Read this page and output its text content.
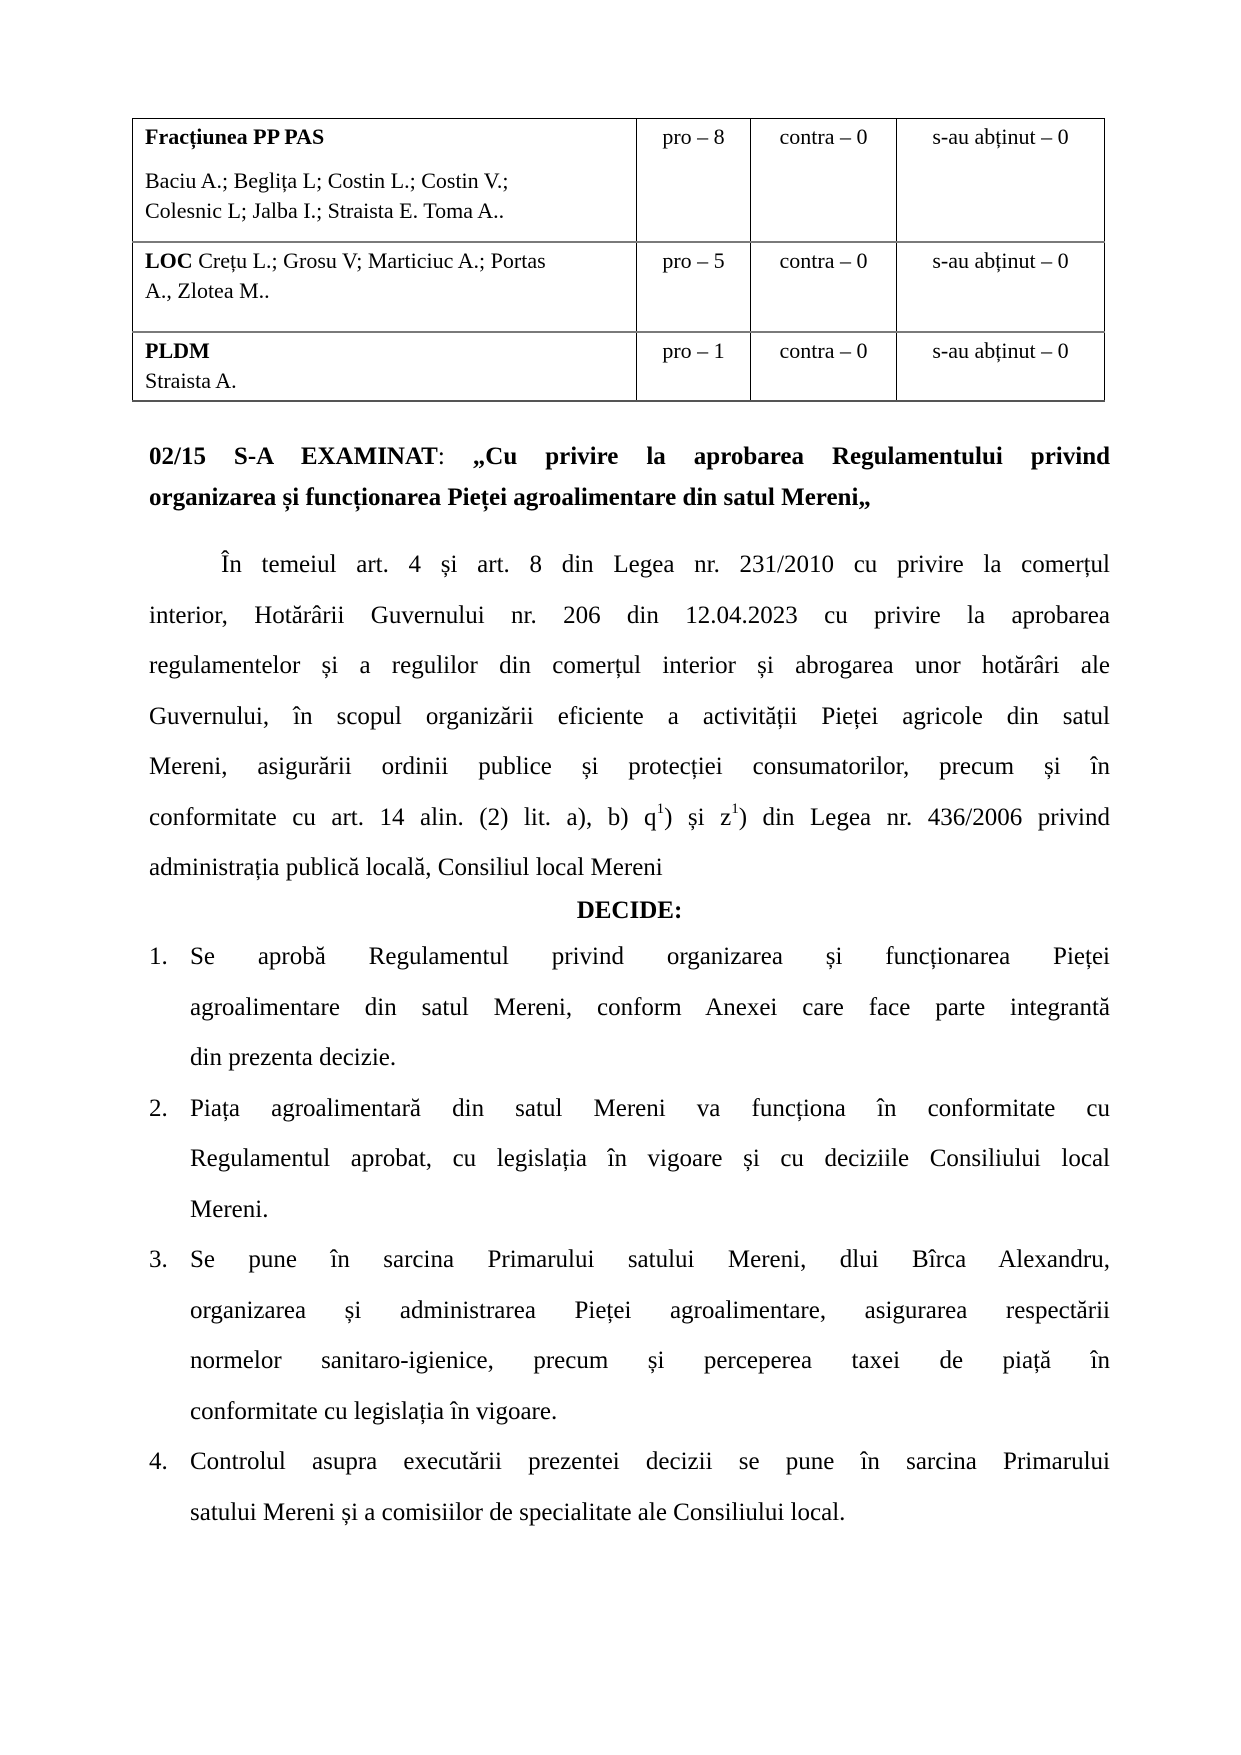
Fracțiunea PP PAS
Baciu A.; Beglița L; Costin L.; Costin V.;
Colesnic L; Jalba I.; Straista E. Toma A..	pro – 8	contra – 0	s-au abținut – 0

LOC Crețu L.; Grosu V; Marticiuc A.; Portas
A., Zlotea M..	pro – 5	contra – 0	s-au abținut – 0

PLDM
Straista A.	pro – 1	contra – 0	s-au abținut – 0
02/15 S-A EXAMINAT: „Cu privire la aprobarea Regulamentului privind
organizarea și funcționarea Pieței agroalimentare din satul Mereni„
În temeiul art. 4 și art. 8 din Legea nr. 231/2010 cu privire la comerțul
interior, Hotărârii Guvernului nr. 206 din 12.04.2023 cu privire la aprobarea
regulamentelor și a regulilor din comerțul interior și abrogarea unor hotărâri ale
Guvernului, în scopul organizării eficiente a activității Pieței agricole din satul
Mereni, asigurării ordinii publice și protecției consumatorilor, precum și în
conformitate cu art. 14 alin. (2) lit. a), b) $q^1$) și $z^1$) din Legea nr. 436/2006 privind
administrația publică locală, Consiliul local Mereni
DECIDE:
1. Se aprobă Regulamentul privind organizarea și funcționarea Pieței
agroalimentare din satul Mereni, conform Anexei care face parte integrantă
din prezenta decizie.
2. Piața agroalimentară din satul Mereni va funcționa în conformitate cu
Regulamentul aprobat, cu legislația în vigoare și cu deciziile Consiliului local
Mereni.
3. Se pune în sarcina Primarului satului Mereni, dlui Bîrca Alexandru,
organizarea și administrarea Pieței agroalimentare, asigurarea respectării
normelor sanitaro-igienice, precum și perceperea taxei de piață în
conformitate cu legislația în vigoare.
4. Controlul asupra executării prezentei decizii se pune în sarcina Primarului
satului Mereni și a comisiilor de specialitate ale Consiliului local.
